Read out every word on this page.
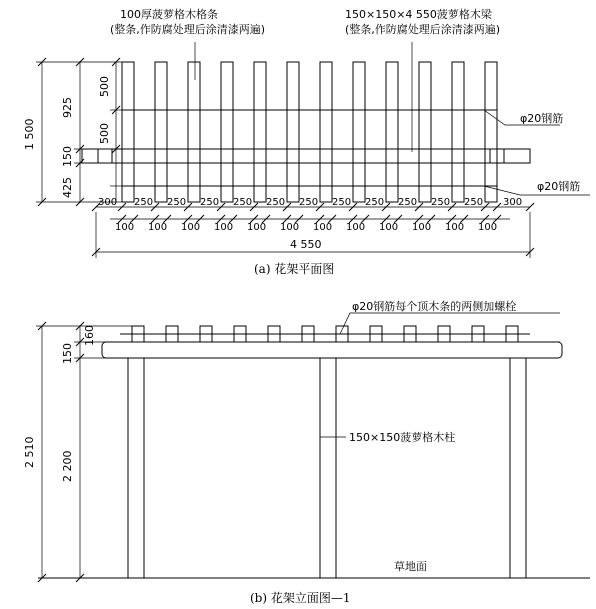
100厚菠萝格木格条
(整条,作防腐处理后涂清漆两遍)
150×150×4 550菠萝格木梁
(整条,作防腐处理后涂清漆两遍)
φ20钢筋
φ20钢筋
1 500
925
425
150
500
500
300 250 250 250 250 250 250 250 250 250 250 250 300
100 100 100 100 100 100 100 100 100 100 100 100
4 550
(a) 花架平面图
φ20钢筋每个顶木条的两侧加螺栓
150×150菠萝格木柱
草地面
2 510 2 200
150
160
(b) 花架立面图—1
